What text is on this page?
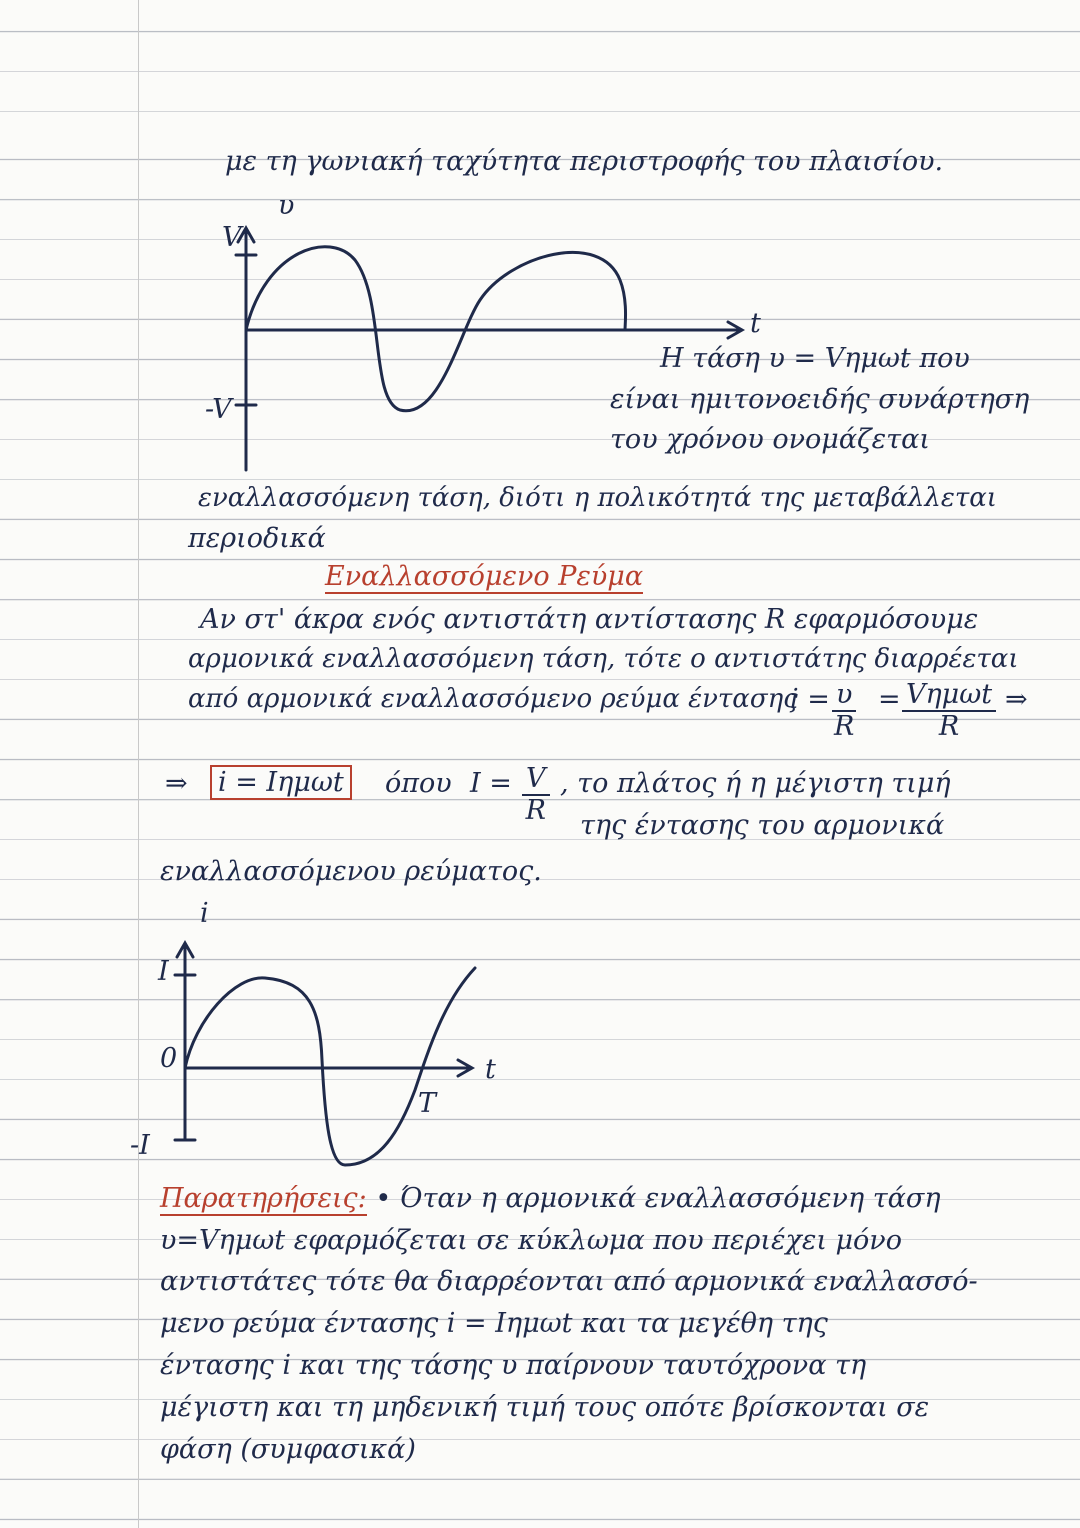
με τη γωνιακή ταχύτητα περιστροφής του πλαισίου.
υ
V
-V
t
Η τάση υ = Vημωt που
είναι ημιτονοειδής συνάρτηση
του χρόνου ονομάζεται
εναλλασσόμενη τάση, διότι η πολικότητά της μεταβάλλεται
περιοδικά
Εναλλασσόμενο Ρεύμα
Αν στ' άκρα ενός αντιστάτη αντίστασης R εφαρμόσουμε
αρμονικά εναλλασσόμενη τάση, τότε ο αντιστάτης διαρρέεται
από αρμονικά εναλλασσόμενο ρεύμα έντασης
$i = \frac{\upsilon}{R} = V\eta\mu\omega t$
R
⇒
⇒ i = Iημωt όπου $I = \frac{V}{R}$ , το πλάτος ή η μέγιστη τιμή
της έντασης του αρμονικά
εναλλασσόμενου ρεύματος.
i
I
0
-I
t
T
Παρατηρήσεις: • Όταν η αρμονικά εναλλασσόμενη τάση
υ=Vημωt εφαρμόζεται σε κύκλωμα που περιέχει μόνο
αντιστάτες τότε θα διαρρέονται από αρμονικά εναλλασσό-
μενο ρεύμα έντασης i = Iημωt και τα μεγέθη της
έντασης i και της τάσης υ παίρνουν ταυτόχρονα τη
μέγιστη και τη μηδενική τιμή τους οπότε βρίσκονται σε
φάση (συμφασικά)
